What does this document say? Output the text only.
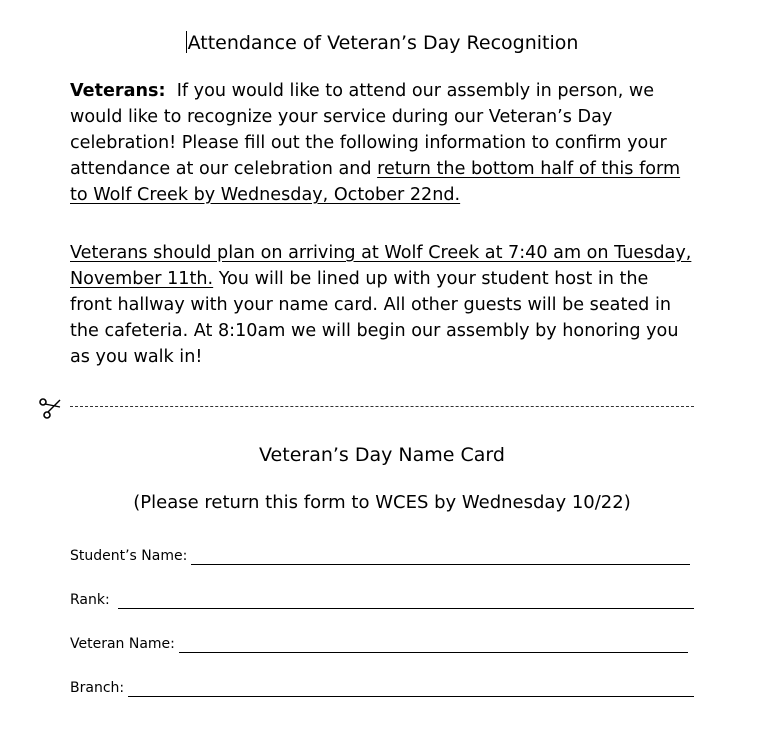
Attendance of Veteran’s Day Recognition

Veterans: If you would like to attend our assembly in person, we would like to recognize your service during our Veteran’s Day celebration! Please fill out the following information to confirm your attendance at our celebration and return the bottom half of this form to Wolf Creek by Wednesday, October 22nd.

Veterans should plan on arriving at Wolf Creek at 7:40 am on Tuesday, November 11th. You will be lined up with your student host in the front hallway with your name card. All other guests will be seated in the cafeteria. At 8:10am we will begin our assembly by honoring you as you walk in!

Veteran’s Day Name Card
(Please return this form to WCES by Wednesday 10/22)
Student’s Name:
Rank:
Veteran Name:
Branch:
